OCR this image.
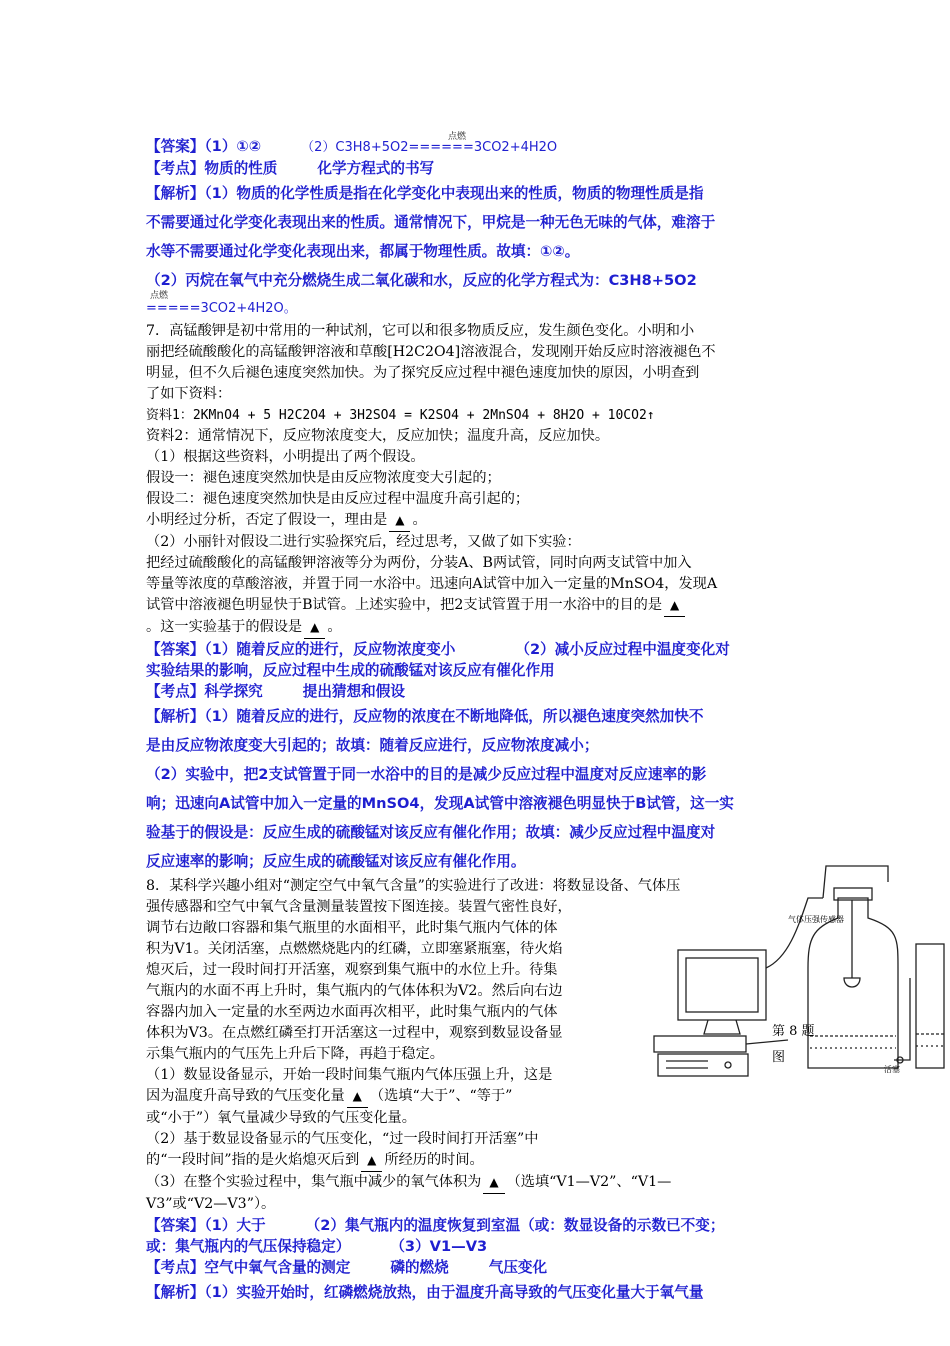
点燃

【答案】（1）①②	（2）C3H8+5O2======3CO2+4H2O

【考点】物质的性质	化学方程式的书写

【解析】（1）物质的化学性质是指在化学变化中表现出来的性质，物质的物理性质是指

不需要通过化学变化表现出来的性质。通常情况下，甲烷是一种无色无味的气体，难溶于

水等不需要通过化学变化表现出来，都属于物理性质。故填：①②。

（2）丙烷在氧气中充分燃烧生成二氧化碳和水，反应的化学方程式为：C3H8+5O2

点燃

=====3CO2+4H2O。

7．高锰酸钾是初中常用的一种试剂，它可以和很多物质反应，发生颜色变化。小明和小

丽把经硫酸酸化的高锰酸钾溶液和草酸[H2C2O4]溶液混合，发现刚开始反应时溶液褪色不

明显，但不久后褪色速度突然加快。为了探究反应过程中褪色速度加快的原因，小明查到

了如下资料：

资料1：2KMnO4 + 5 H2C2O4 + 3H2SO4 = K2SO4 + 2MnSO4 + 8H2O + 10CO2↑

资料2：通常情况下，反应物浓度变大，反应加快；温度升高，反应加快。

（1）根据这些资料，小明提出了两个假设。

假设一：褪色速度突然加快是由反应物浓度变大引起的；

假设二：褪色速度突然加快是由反应过程中温度升高引起的；

小明经过分析，否定了假设一，理由是 ▲ 。

（2）小丽针对假设二进行实验探究后，经过思考，又做了如下实验：

把经过硫酸酸化的高锰酸钾溶液等分为两份，分装A、B两试管，同时向两支试管中加入

等量等浓度的草酸溶液，并置于同一水浴中。迅速向A试管中加入一定量的MnSO4，发现A

试管中溶液褪色明显快于B试管。上述实验中，把2支试管置于用一水浴中的目的是 ▲

。这一实验基于的假设是 ▲ 。

【答案】（1）随着反应的进行，反应物浓度变小	（2）减小反应过程中温度变化对

实验结果的影响，反应过程中生成的硫酸锰对该反应有催化作用

【考点】科学探究	提出猜想和假设

【解析】（1）随着反应的进行，反应物的浓度在不断地降低，所以褪色速度突然加快不

是由反应物浓度变大引起的；故填：随着反应进行，反应物浓度减小；

（2）实验中，把2支试管置于同一水浴中的目的是减少反应过程中温度对反应速率的影

响；迅速向A试管中加入一定量的MnSO4，发现A试管中溶液褪色明显快于B试管，这一实

验基于的假设是：反应生成的硫酸锰对该反应有催化作用；故填：减少反应过程中温度对

反应速率的影响；反应生成的硫酸锰对该反应有催化作用。

8．某科学兴趣小组对“测定空气中氧气含量”的实验进行了改进：将数显设备、气体压

强传感器和空气中氧气含量测量装置按下图连接。装置气密性良好，

调节右边敞口容器和集气瓶里的水面相平，此时集气瓶内气体的体

积为V1。关闭活塞，点燃燃烧匙内的红磷，立即塞紧瓶塞，待火焰

熄灭后，过一段时间打开活塞，观察到集气瓶中的水位上升。待集

气瓶内的水面不再上升时，集气瓶内的气体体积为V2。然后向右边

容器内加入一定量的水至两边水面再次相平，此时集气瓶内的气体

体积为V3。在点燃红磷至打开活塞这一过程中，观察到数显设备显

示集气瓶内的气压先上升后下降，再趋于稳定。

（1）数显设备显示，开始一段时间集气瓶内气体压强上升，这是

因为温度升高导致的气压变化量 ▲ （选填“大于”、“等于”

或“小于”）氧气量减少导致的气压变化量。

（2）基于数显设备显示的气压变化，“过一段时间打开活塞”中

的“一段时间”指的是火焰熄灭后到 ▲ 所经历的时间。

（3）在整个实验过程中，集气瓶中减少的氧气体积为 ▲ （选填“V1—V2”、“V1—

V3”或“V2—V3”）。

【答案】（1）大于	（2）集气瓶内的温度恢复到室温（或：数显设备的示数已不变；

或：集气瓶内的气压保持稳定）	（3）V1—V3

【考点】空气中氧气含量的测定	磷的燃烧	气压变化

【解析】（1）实验开始时，红磷燃烧放热，由于温度升高导致的气压变化量大于氧气量

气体压强传感器
活塞
第 8 题
图
